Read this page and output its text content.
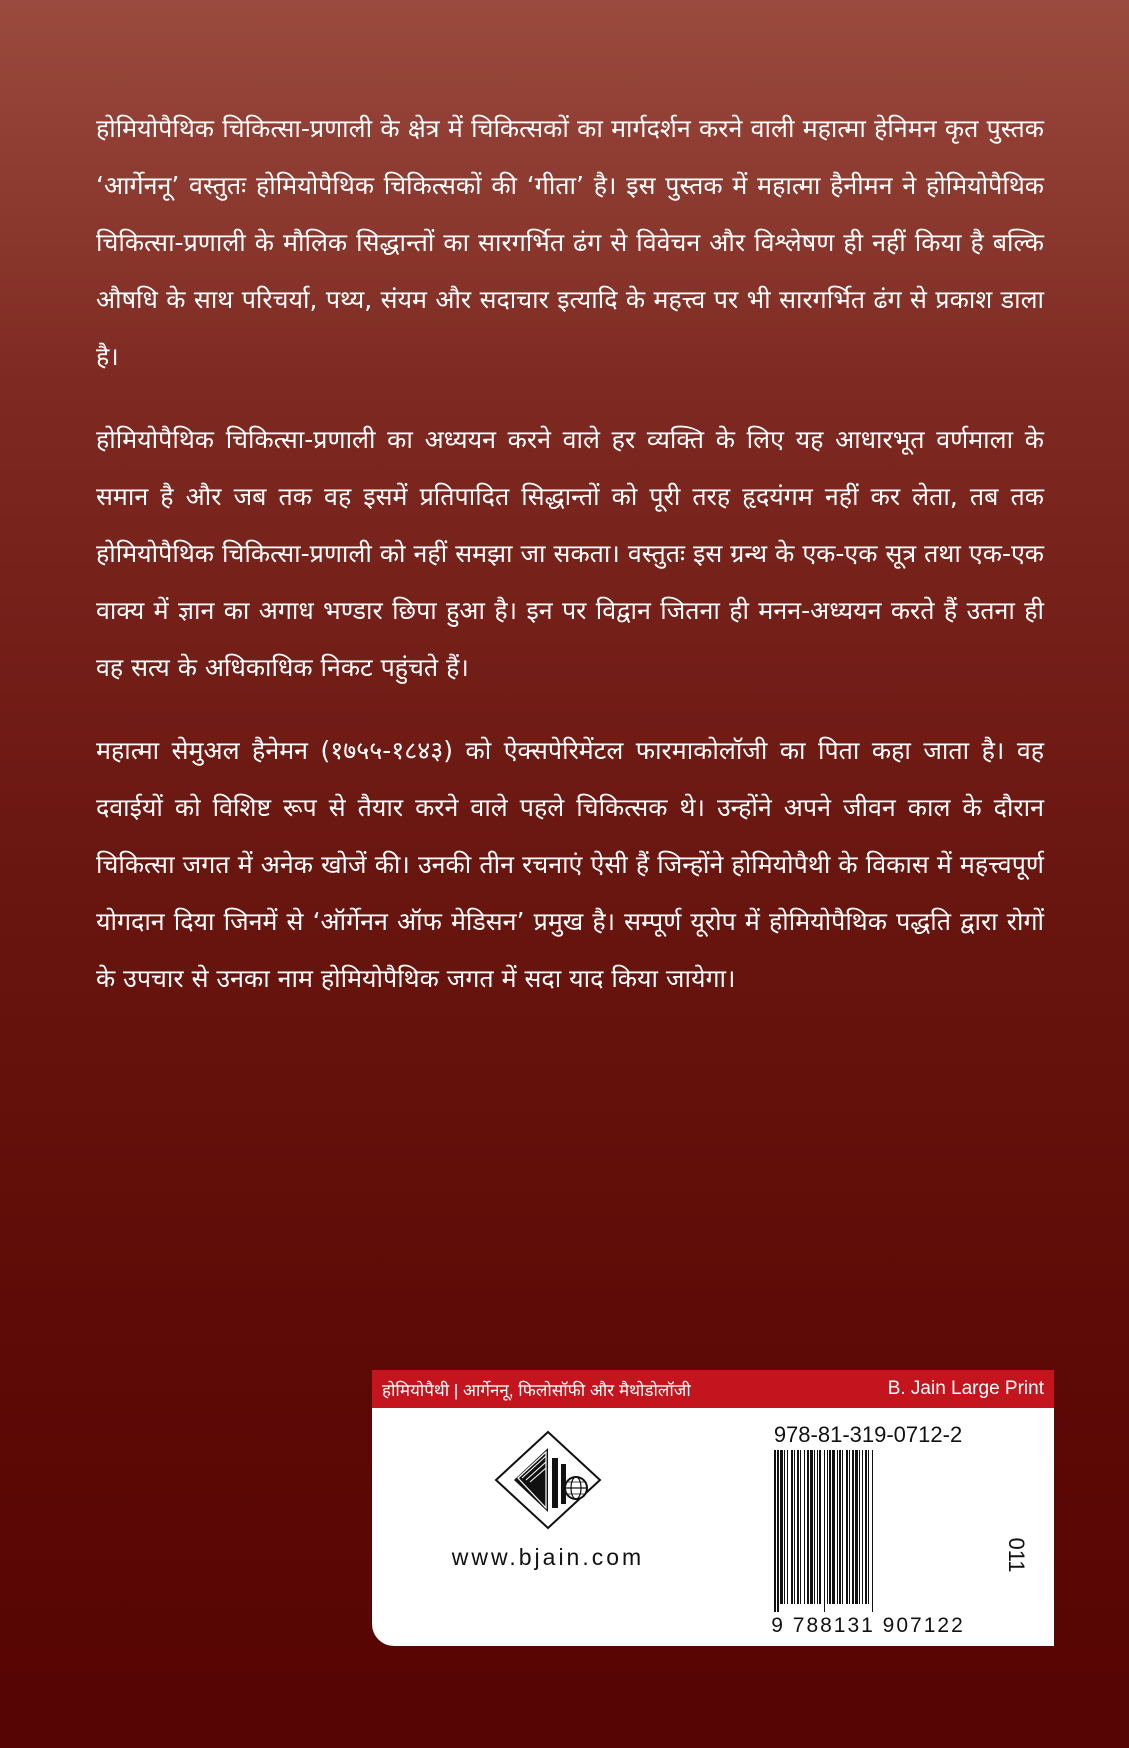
होमियोपैथिक चिकित्सा-प्रणाली के क्षेत्र में चिकित्सकों का मार्गदर्शन करने वाली महात्मा हेनिमन कृत पुस्तक ‘आर्गेननू’ वस्तुतः होमियोपैथिक चिकित्सकों की ‘गीता’ है। इस पुस्तक में महात्मा हैनीमन ने होमियोपैथिक चिकित्सा-प्रणाली के मौलिक सिद्धान्तों का सारगर्भित ढंग से विवेचन और विश्लेषण ही नहीं किया है बल्कि औषधि के साथ परिचर्या, पथ्य, संयम और सदाचार इत्यादि के महत्त्व पर भी सारगर्भित ढंग से प्रकाश डाला है।

होमियोपैथिक चिकित्सा-प्रणाली का अध्ययन करने वाले हर व्यक्ति के लिए यह आधारभूत वर्णमाला के समान है और जब तक वह इसमें प्रतिपादित सिद्धान्तों को पूरी तरह हृदयंगम नहीं कर लेता, तब तक होमियोपैथिक चिकित्सा-प्रणाली को नहीं समझा जा सकता। वस्तुतः इस ग्रन्थ के एक-एक सूत्र तथा एक-एक वाक्य में ज्ञान का अगाध भण्डार छिपा हुआ है। इन पर विद्वान जितना ही मनन-अध्ययन करते हैं उतना ही वह सत्य के अधिकाधिक निकट पहुंचते हैं।

महात्मा सेमुअल हैनेमन (१७५५-१८४३) को ऐक्सपेरिमेंटल फारमाकोलॉजी का पिता कहा जाता है। वह दवाईयों को विशिष्ट रूप से तैयार करने वाले पहले चिकित्सक थे। उन्होंने अपने जीवन काल के दौरान चिकित्सा जगत में अनेक खोजें की। उनकी तीन रचनाएं ऐसी हैं जिन्होंने होमियोपैथी के विकास में महत्त्वपूर्ण योगदान दिया जिनमें से ‘ऑर्गेनन ऑफ मेडिसन’ प्रमुख है। सम्पूर्ण यूरोप में होमियोपैथिक पद्धति द्वारा रोगों के उपचार से उनका नाम होमियोपैथिक जगत में सदा याद किया जायेगा।

होमियोपैथी | आर्गेननू, फिलोसॉफी और मैथोडोलॉजी	B. Jain Large Print
www.bjain.com
978-81-319-0712-2
9 788131 907122
011
